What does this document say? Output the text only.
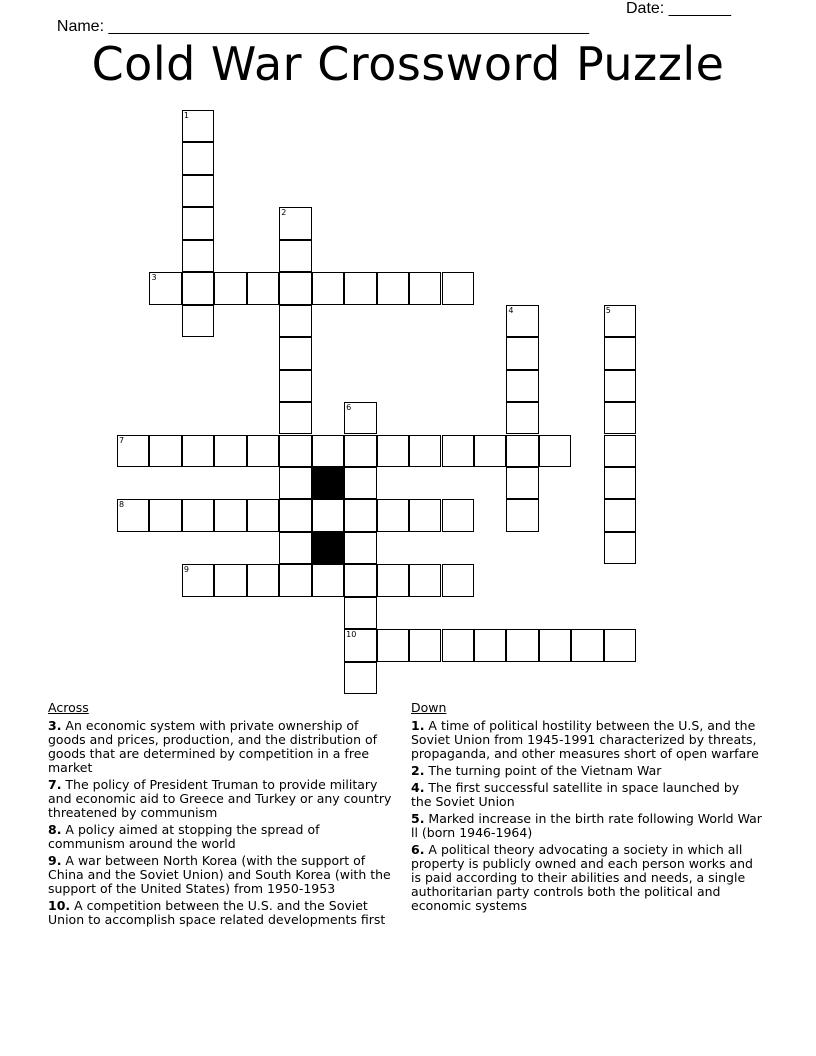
Name: ______________________________________________________

Date: _______

Cold War Crossword Puzzle
1
2
3
4	5
6
10
7
8
9
Across
3. An economic system with private ownership of goods and prices, production, and the distribution of goods that are determined by competition in a free market
7. The policy of President Truman to provide military and economic aid to Greece and Turkey or any country threatened by communism
8. A policy aimed at stopping the spread of communism around the world
9. A war between North Korea (with the support of China and the Soviet Union) and South Korea (with the support of the United States) from 1950-1953
10. A competition between the U.S. and the Soviet Union to accomplish space related developments first
Down
1. A time of political hostility between the U.S, and the Soviet Union from 1945-1991 characterized by threats, propaganda, and other measures short of open warfare
2. The turning point of the Vietnam War
4. The first successful satellite in space launched by the Soviet Union
5. Marked increase in the birth rate following World War ll (born 1946-1964)
6. A political theory advocating a society in which all property is publicly owned and each person works and is paid according to their abilities and needs, a single authoritarian party controls both the political and economic systems
